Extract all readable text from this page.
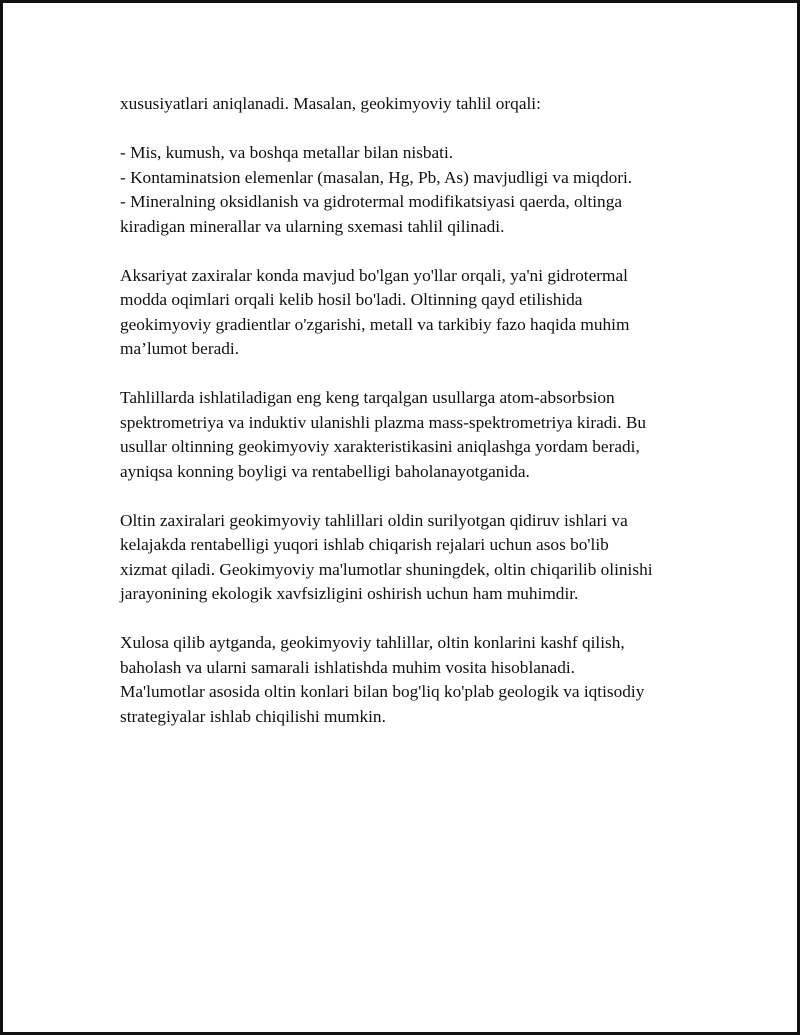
xususiyatlari aniqlanadi. Masalan, geokimyoviy tahlil orqali:

- Mis, kumush, va boshqa metallar bilan nisbati.
- Kontaminatsion elemenlar (masalan, Hg, Pb, As) mavjudligi va miqdori.
- Mineralning oksidlanish va gidrotermal modifikatsiyasi qaerda, oltinga
kiradigan minerallar va ularning sxemasi tahlil qilinadi.

Aksariyat zaxiralar konda mavjud bo'lgan yo'llar orqali, ya'ni gidrotermal
modda oqimlari orqali kelib hosil bo'ladi. Oltinning qayd etilishida
geokimyoviy gradientlar o'zgarishi, metall va tarkibiy fazo haqida muhim
ma’lumot beradi.

Tahlillarda ishlatiladigan eng keng tarqalgan usullarga atom-absorbsion
spektrometriya va induktiv ulanishli plazma mass-spektrometriya kiradi. Bu
usullar oltinning geokimyoviy xarakteristikasini aniqlashga yordam beradi,
ayniqsa konning boyligi va rentabelligi baholanayotganida.

Oltin zaxiralari geokimyoviy tahlillari oldin surilyotgan qidiruv ishlari va
kelajakda rentabelligi yuqori ishlab chiqarish rejalari uchun asos bo'lib
xizmat qiladi. Geokimyoviy ma'lumotlar shuningdek, oltin chiqarilib olinishi
jarayonining ekologik xavfsizligini oshirish uchun ham muhimdir.

Xulosa qilib aytganda, geokimyoviy tahlillar, oltin konlarini kashf qilish,
baholash va ularni samarali ishlatishda muhim vosita hisoblanadi.
Ma'lumotlar asosida oltin konlari bilan bog'liq ko'plab geologik va iqtisodiy
strategiyalar ishlab chiqilishi mumkin.
